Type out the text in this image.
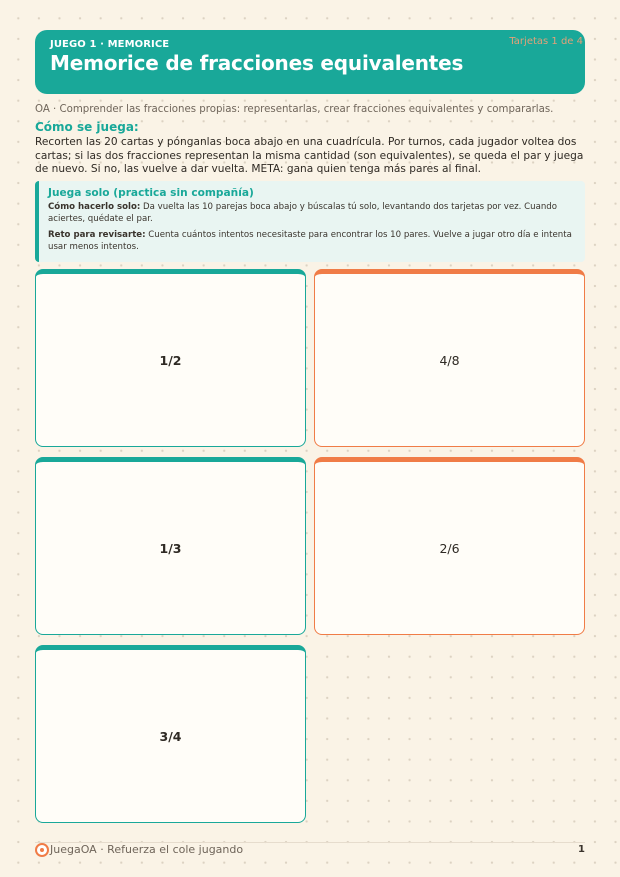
JUEGO 1 · MEMORICE
Memorice de fracciones equivalentes
Tarjetas 1 de 4
OA · Comprender las fracciones propias: representarlas, crear fracciones equivalentes y compararlas.
Cómo se juega:
Recorten las 20 cartas y pónganlas boca abajo en una cuadrícula. Por turnos, cada jugador voltea dos cartas; si las dos fracciones representan la misma cantidad (son equivalentes), se queda el par y juega de nuevo. Si no, las vuelve a dar vuelta. META: gana quien tenga más pares al final.
Juega solo (practica sin compañía)

Cómo hacerlo solo: Da vuelta las 10 parejas boca abajo y búscalas tú solo, levantando dos tarjetas por vez. Cuando aciertes, quédate el par.

Reto para revisarte: Cuenta cuántos intentos necesitaste para encontrar los 10 pares. Vuelve a jugar otro día e intenta usar menos intentos.

1/2	4/8
1/3	2/6
3/4
JuegaOA · Refuerza el cole jugando	1
